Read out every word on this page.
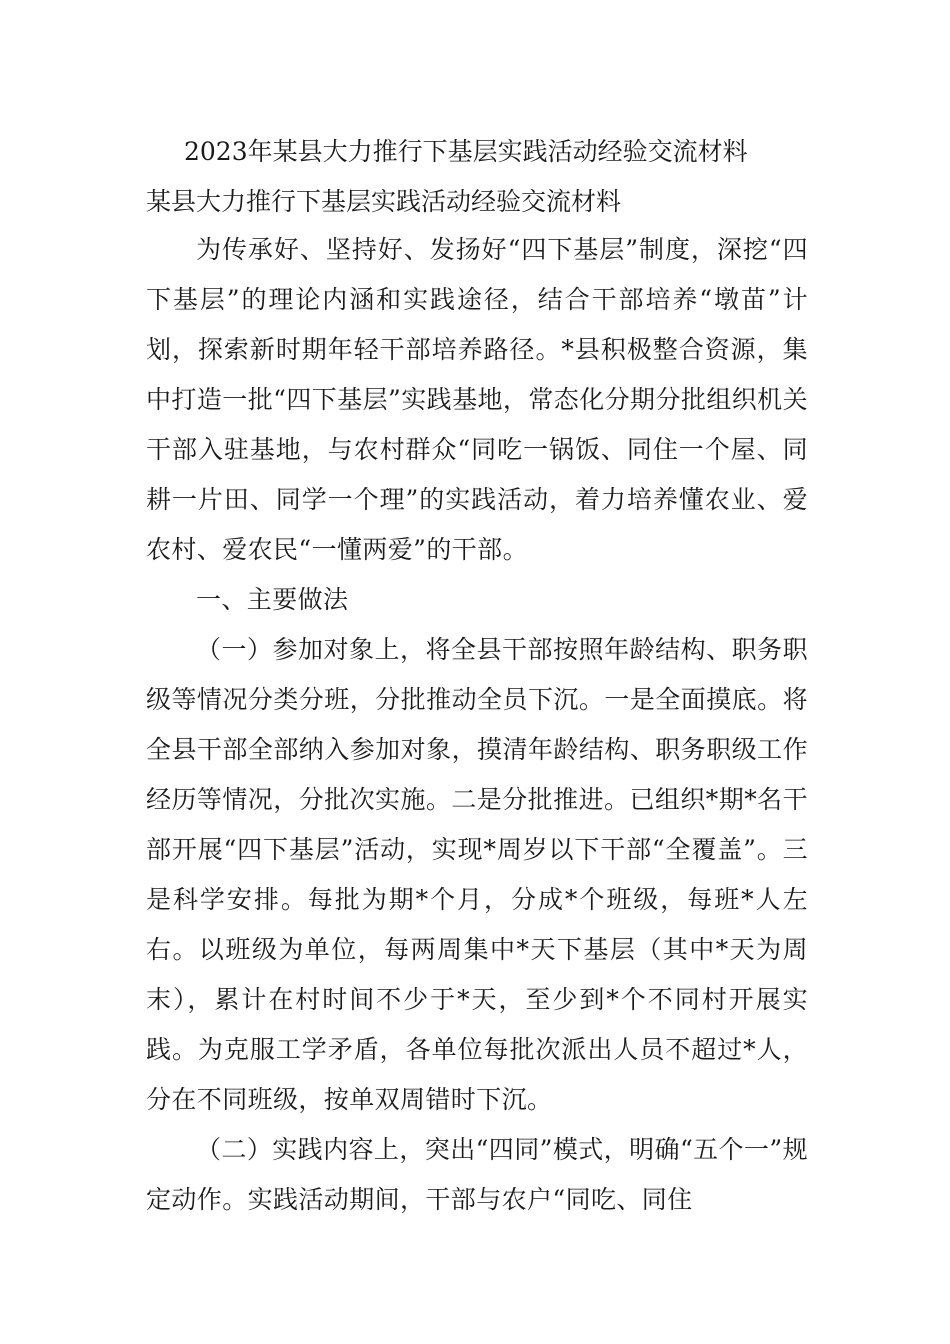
2023年某县大力推行下基层实践活动经验交流材料
某县大力推行下基层实践活动经验交流材料

为传承好、坚持好、发扬好“四下基层”制度，深挖“四下基层”的理论内涵和实践途径，结合干部培养“墩苗”计划，探索新时期年轻干部培养路径。*县积极整合资源，集中打造一批“四下基层”实践基地，常态化分期分批组织机关干部入驻基地，与农村群众“同吃一锅饭、同住一个屋、同耕一片田、同学一个理”的实践活动，着力培养懂农业、爱农村、爱农民“一懂两爱”的干部。

一、主要做法

（一）参加对象上，将全县干部按照年龄结构、职务职级等情况分类分班，分批推动全员下沉。一是全面摸底。将全县干部全部纳入参加对象，摸清年龄结构、职务职级工作经历等情况，分批次实施。二是分批推进。已组织*期*名干部开展“四下基层”活动，实现*周岁以下干部“全覆盖”。三是科学安排。每批为期*个月，分成*个班级，每班*人左右。以班级为单位，每两周集中*天下基层（其中*天为周末），累计在村时间不少于*天，至少到*个不同村开展实践。为克服工学矛盾，各单位每批次派出人员不超过*人，分在不同班级，按单双周错时下沉。

（二）实践内容上，突出“四同”模式，明确“五个一”规定动作。实践活动期间，干部与农户“同吃、同住
